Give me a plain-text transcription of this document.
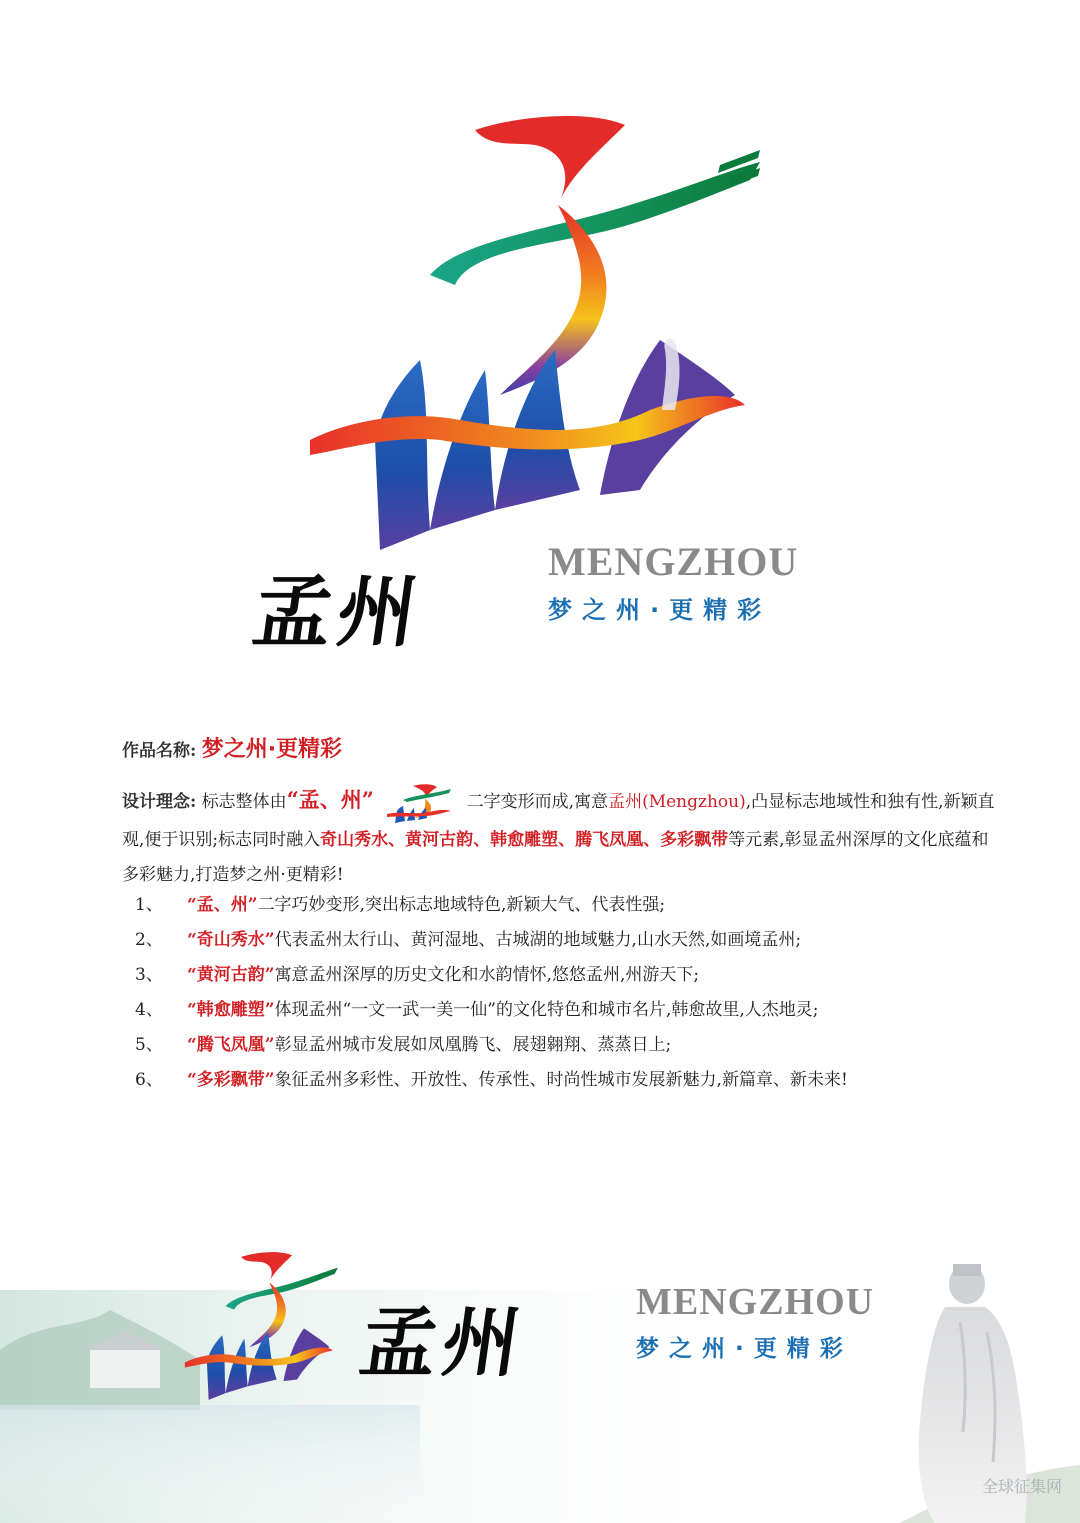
孟州
MENGZHOU
梦之州·更精彩
作品名称: 梦之州·更精彩

设计理念: 标志整体由“孟、州”	二字变形而成,寓意孟州(Mengzhou),凸显标志地域性和独有性,新颖直观,便于识别;标志同时融入奇山秀水、黄河古韵、韩愈雕塑、腾飞凤凰、多彩飘带等元素,彰显孟州深厚的文化底蕴和多彩魅力,打造梦之州·更精彩!

1、 “孟、州”二字巧妙变形,突出标志地域特色,新颖大气、代表性强;
2、 “奇山秀水”代表孟州太行山、黄河湿地、古城湖的地域魅力,山水天然,如画境孟州;
3、 “黄河古韵”寓意孟州深厚的历史文化和水韵情怀,悠悠孟州,州游天下;
4、 “韩愈雕塑”体现孟州“一文一武一美一仙”的文化特色和城市名片,韩愈故里,人杰地灵;
5、 “腾飞凤凰”彰显孟州城市发展如凤凰腾飞、展翅翱翔、蒸蒸日上;
6、 “多彩飘带”象征孟州多彩性、开放性、传承性、时尚性城市发展新魅力,新篇章、新未来!
孟州	MENGZHOU
梦之州·更精彩
全球征集网
